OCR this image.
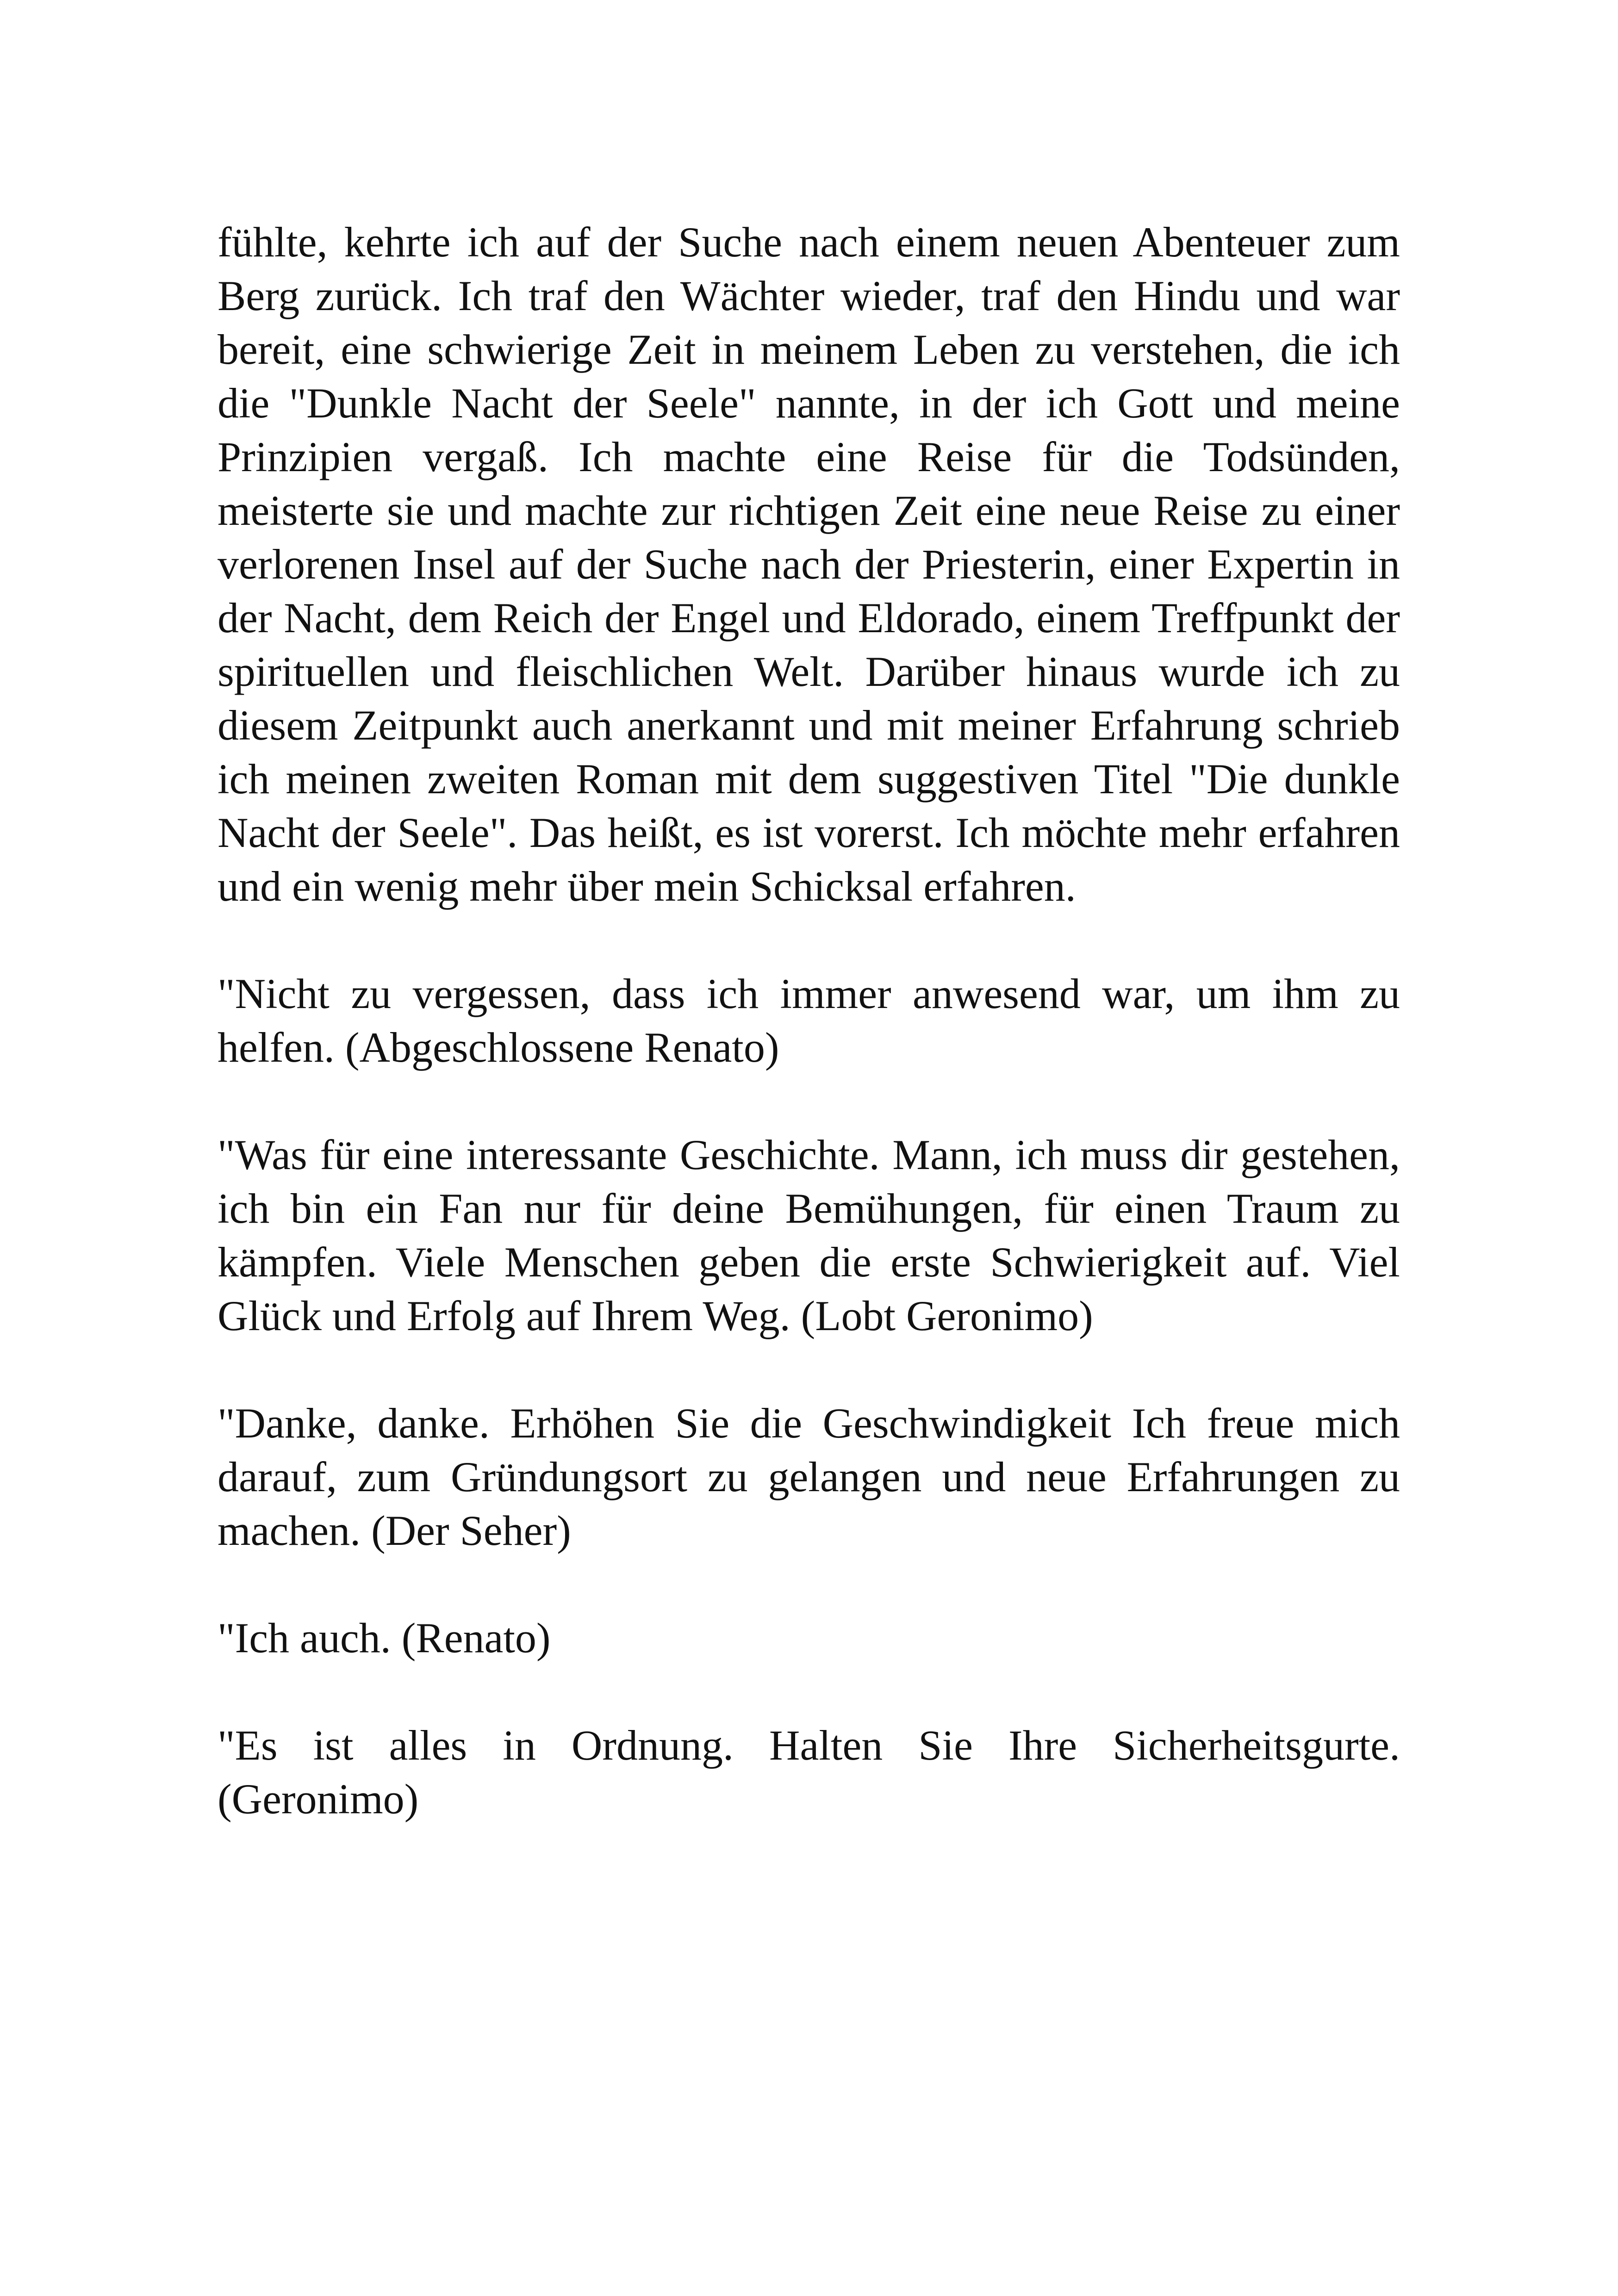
fühlte, kehrte ich auf der Suche nach einem neuen Abenteuer zum Berg zurück. Ich traf den Wächter wieder, traf den Hindu und war bereit, eine schwierige Zeit in meinem Leben zu verstehen, die ich die "Dunkle Nacht der Seele" nannte, in der ich Gott und meine Prinzipien vergaß. Ich machte eine Reise für die Todsünden, meisterte sie und machte zur richtigen Zeit eine neue Reise zu einer verlorenen Insel auf der Suche nach der Priesterin, einer Expertin in der Nacht, dem Reich der Engel und Eldorado, einem Treffpunkt der spirituellen und fleischlichen Welt. Darüber hinaus wurde ich zu diesem Zeitpunkt auch anerkannt und mit meiner Erfahrung schrieb ich meinen zweiten Roman mit dem suggestiven Titel "Die dunkle Nacht der Seele". Das heißt, es ist vorerst. Ich möchte mehr erfahren und ein wenig mehr über mein Schicksal erfahren.

"Nicht zu vergessen, dass ich immer anwesend war, um ihm zu helfen. (Abgeschlossene Renato)

"Was für eine interessante Geschichte. Mann, ich muss dir gestehen, ich bin ein Fan nur für deine Bemühungen, für einen Traum zu kämpfen. Viele Menschen geben die erste Schwierigkeit auf. Viel Glück und Erfolg auf Ihrem Weg. (Lobt Geronimo)

"Danke, danke. Erhöhen Sie die Geschwindigkeit Ich freue mich darauf, zum Gründungsort zu gelangen und neue Erfahrungen zu machen. (Der Seher)

"Ich auch. (Renato)

"Es ist alles in Ordnung. Halten Sie Ihre Sicherheitsgurte. (Geronimo)
